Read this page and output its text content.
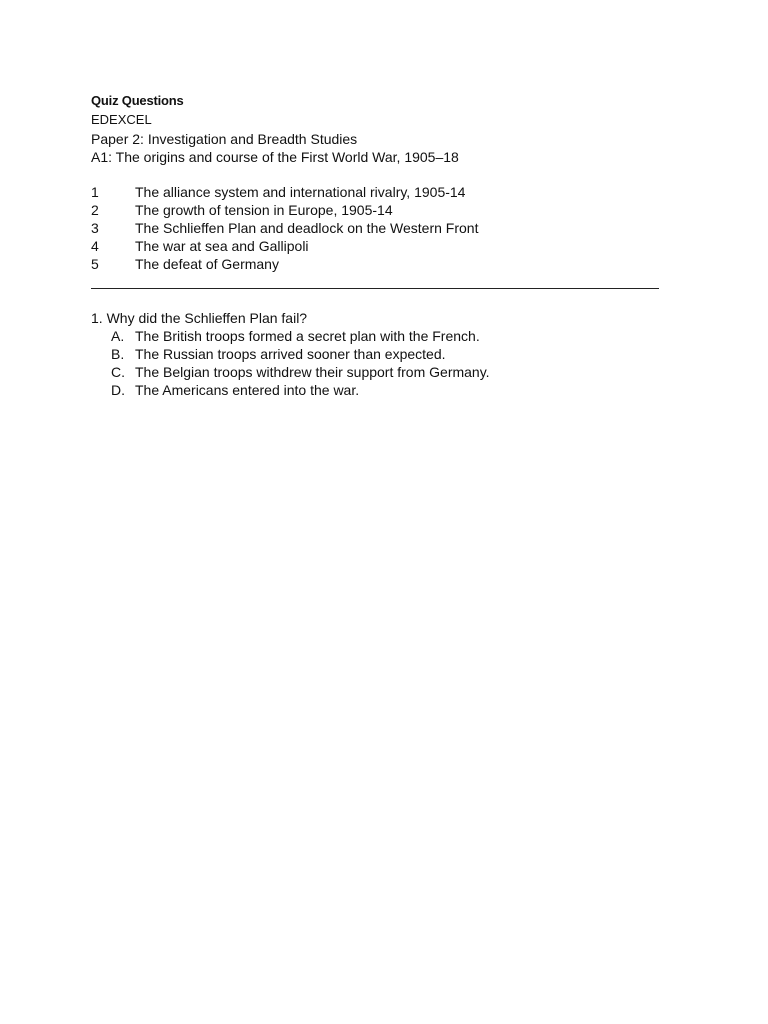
Quiz Questions
EDEXCEL
Paper 2: Investigation and Breadth Studies
A1: The origins and course of the First World War, 1905–18
1	The alliance system and international rivalry, 1905-14
2	The growth of tension in Europe, 1905-14
3	The Schlieffen Plan and deadlock on the Western Front
4	The war at sea and Gallipoli
5	The defeat of Germany
1. Why did the Schlieffen Plan fail?
A. The British troops formed a secret plan with the French.
B. The Russian troops arrived sooner than expected.
C. The Belgian troops withdrew their support from Germany.
D. The Americans entered into the war.
